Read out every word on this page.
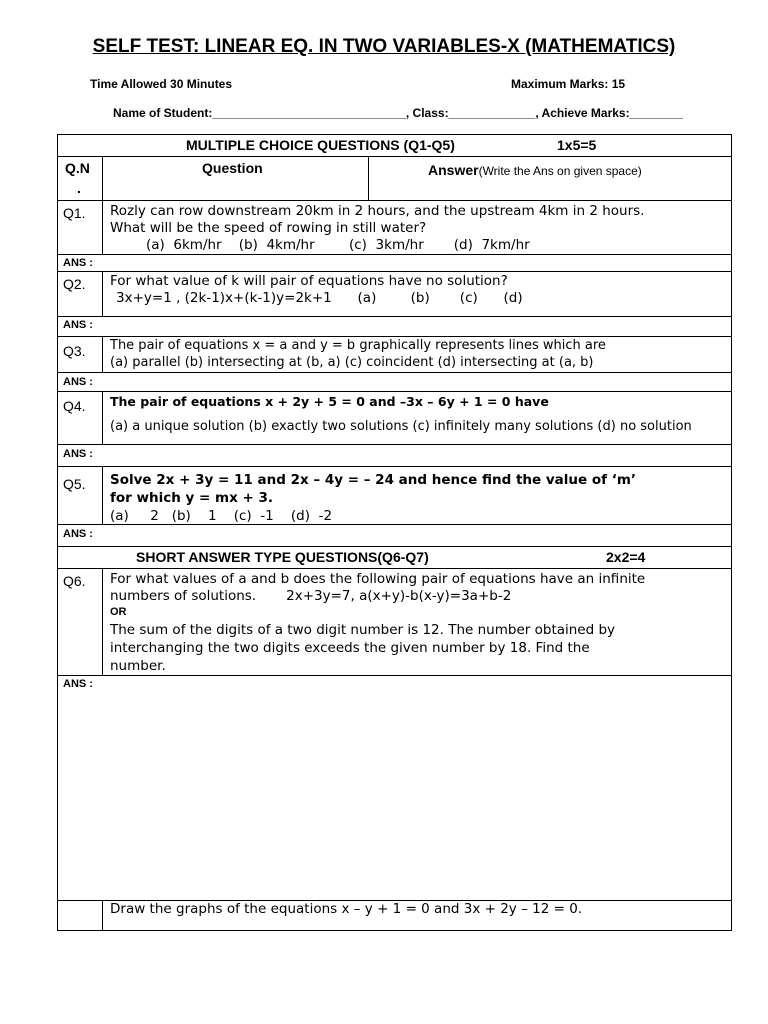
SELF TEST: LINEAR EQ. IN TWO VARIABLES-X (MATHEMATICS)
Time Allowed 30 Minutes	Maximum Marks: 15
Name of Student:_____________________________, Class:_____________, Achieve Marks:________
MULTIPLE CHOICE QUESTIONS (Q1-Q5)	1x5=5
Q.N
.
Question	Answer(Write the Ans on given space)
Q1. Rozly can row downstream 20km in 2 hours, and the upstream 4km in 2 hours.
What will be the speed of rowing in still water?
(a)  6km/hr    (b)  4km/hr        (c)  3km/hr       (d)  7km/hr
ANS :
Q2. For what value of k will pair of equations have no solution?
3x+y=1 , (2k-1)x+(k-1)y=2k+1      (a)        (b)       (c)      (d)
ANS :
Q3. The pair of equations x = a and y = b graphically represents lines which are
(a) parallel (b) intersecting at (b, a) (c) coincident (d) intersecting at (a, b)
ANS :
Q4. The pair of equations x + 2y + 5 = 0 and –3x – 6y + 1 = 0 have
(a) a unique solution (b) exactly two solutions (c) infinitely many solutions (d) no solution
ANS :
Q5. Solve 2x + 3y = 11 and 2x – 4y = – 24 and hence find the value of ‘m’
for which y = mx + 3.
(a)     2   (b)    1    (c)  -1    (d)  -2
ANS :
SHORT ANSWER TYPE QUESTIONS(Q6-Q7)	2x2=4
Q6. For what values of a and b does the following pair of equations have an infinite
numbers of solutions.       2x+3y=7, a(x+y)-b(x-y)=3a+b-2
OR
The sum of the digits of a two digit number is 12. The number obtained by
interchanging the two digits exceeds the given number by 18. Find the
number.
ANS :
Draw the graphs of the equations x – y + 1 = 0 and 3x + 2y – 12 = 0.
